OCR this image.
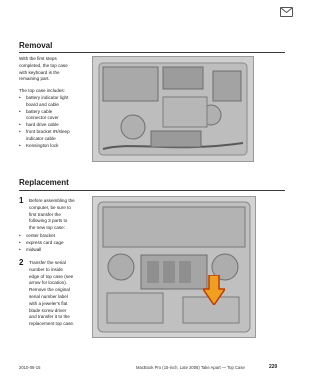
Removal
With the first steps
completed, the top case
with keyboard is the
remaining part.
The top case includes:
• battery indicator light
board and cable
• battery cable
connector cover
• hard drive cable
• front bracket IR/sleep
indicator cable
• Kensington lock
Replacement
1 Before assembling the
computer, be sure to
first transfer the
following 3 parts to
the new top case:
• center bracket
• express card cage
• midwall
2 Transfer the serial
number to inside
edge of top case (see
arrow for location).
Remove the original
serial number label
with a jeweler's flat
blade screw driver
and transfer it to the
replacement top case.
2010-06-15	MacBook Pro (15-inch, Late 2008) Take Apart — Top Case	220
